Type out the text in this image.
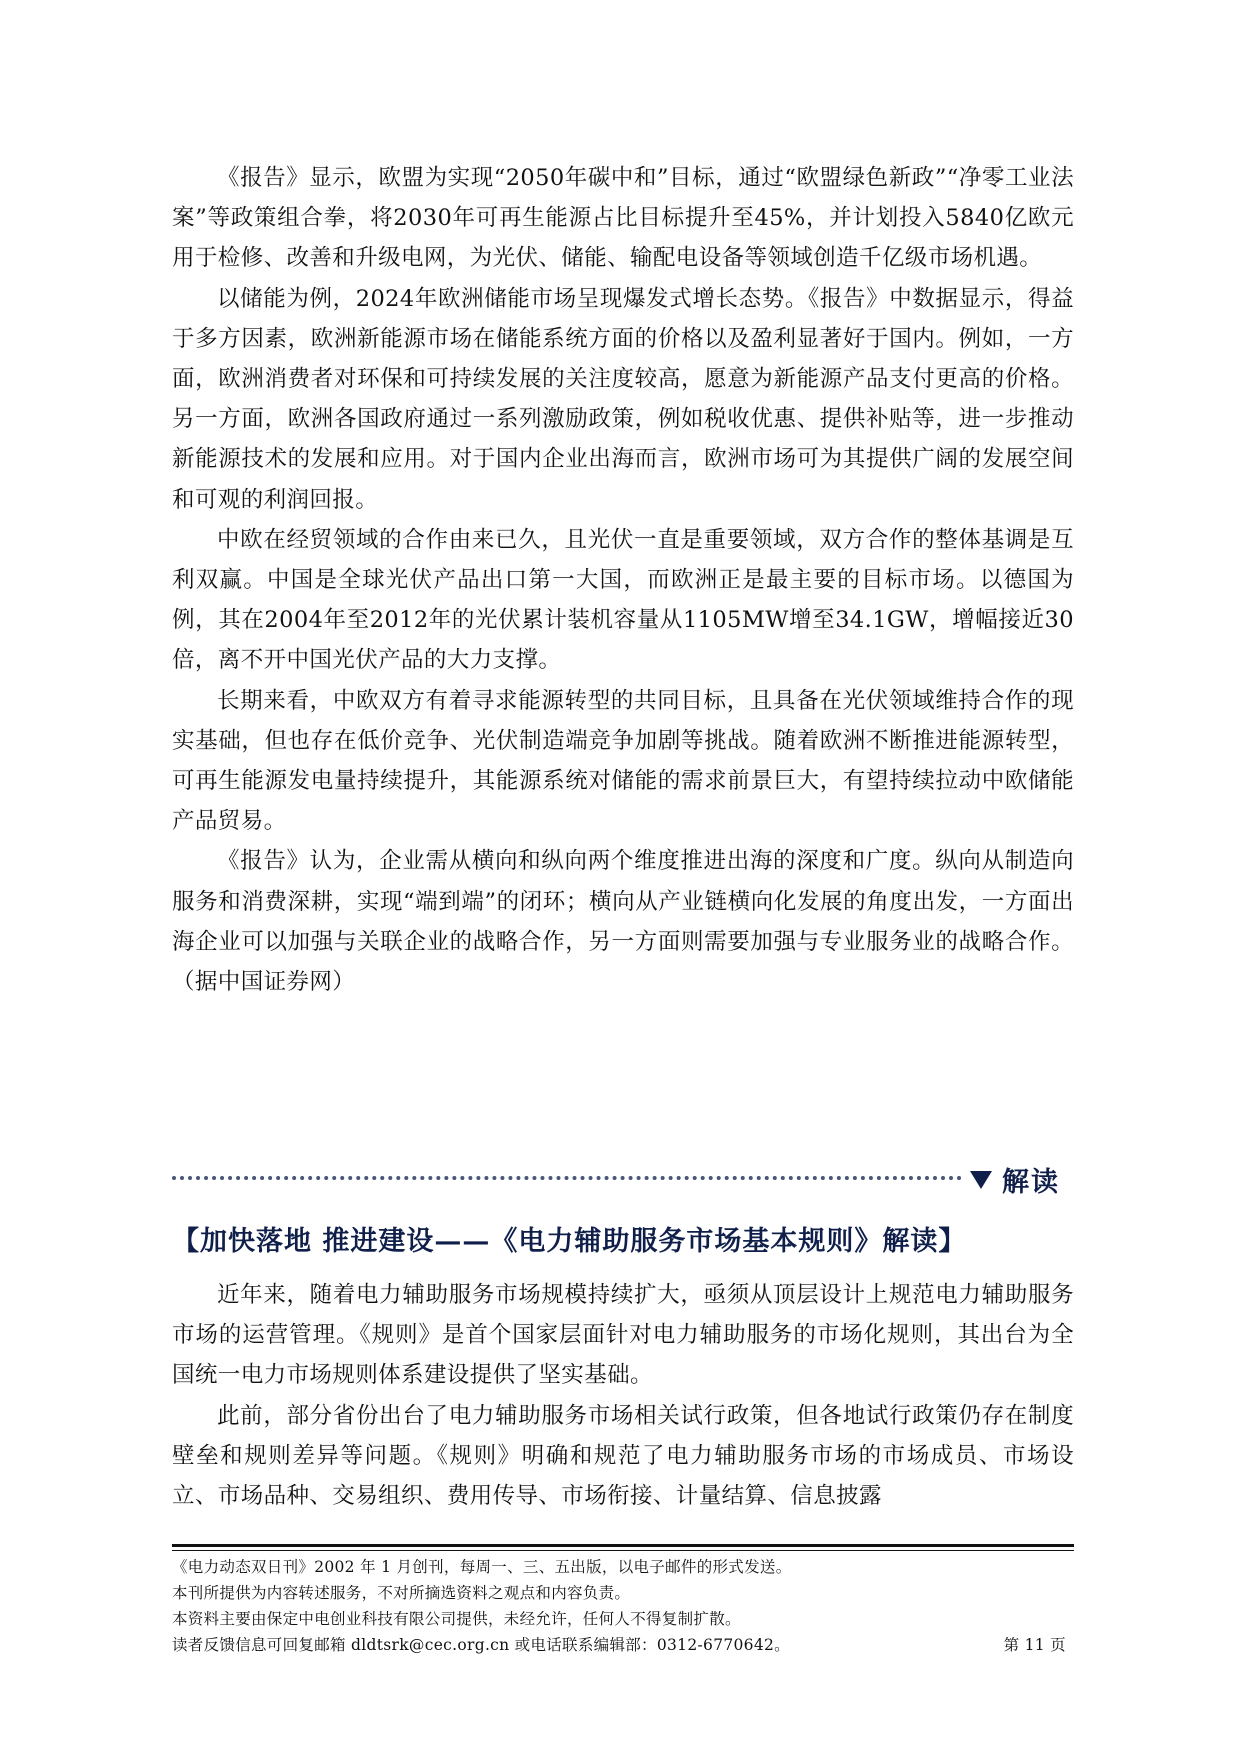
《报告》显示，欧盟为实现“2050年碳中和”目标，通过“欧盟绿色新政”“净零工业法案”等政策组合拳，将2030年可再生能源占比目标提升至45%，并计划投入5840亿欧元用于检修、改善和升级电网，为光伏、储能、输配电设备等领域创造千亿级市场机遇。

以储能为例，2024年欧洲储能市场呈现爆发式增长态势。《报告》中数据显示，得益于多方因素，欧洲新能源市场在储能系统方面的价格以及盈利显著好于国内。例如，一方面，欧洲消费者对环保和可持续发展的关注度较高，愿意为新能源产品支付更高的价格。另一方面，欧洲各国政府通过一系列激励政策，例如税收优惠、提供补贴等，进一步推动新能源技术的发展和应用。对于国内企业出海而言，欧洲市场可为其提供广阔的发展空间和可观的利润回报。

中欧在经贸领域的合作由来已久，且光伏一直是重要领域，双方合作的整体基调是互利双赢。中国是全球光伏产品出口第一大国，而欧洲正是最主要的目标市场。以德国为例，其在2004年至2012年的光伏累计装机容量从1105MW增至34.1GW，增幅接近30倍，离不开中国光伏产品的大力支撑。

长期来看，中欧双方有着寻求能源转型的共同目标，且具备在光伏领域维持合作的现实基础，但也存在低价竞争、光伏制造端竞争加剧等挑战。随着欧洲不断推进能源转型，可再生能源发电量持续提升，其能源系统对储能的需求前景巨大，有望持续拉动中欧储能产品贸易。

《报告》认为，企业需从横向和纵向两个维度推进出海的深度和广度。纵向从制造向服务和消费深耕，实现“端到端”的闭环；横向从产业链横向化发展的角度出发，一方面出海企业可以加强与关联企业的战略合作，另一方面则需要加强与专业服务业的战略合作。（据中国证券网）

解读
【加快落地 推进建设——《电力辅助服务市场基本规则》解读】

近年来，随着电力辅助服务市场规模持续扩大，亟须从顶层设计上规范电力辅助服务市场的运营管理。《规则》是首个国家层面针对电力辅助服务的市场化规则，其出台为全国统一电力市场规则体系建设提供了坚实基础。

此前，部分省份出台了电力辅助服务市场相关试行政策，但各地试行政策仍存在制度壁垒和规则差异等问题。《规则》明确和规范了电力辅助服务市场的市场成员、市场设立、市场品种、交易组织、费用传导、市场衔接、计量结算、信息披露

《电力动态双日刊》2002 年 1 月创刊，每周一、三、五出版，以电子邮件的形式发送。
本刊所提供为内容转述服务，不对所摘选资料之观点和内容负责。
本资料主要由保定中电创业科技有限公司提供，未经允许，任何人不得复制扩散。
读者反馈信息可回复邮箱 dldtsrk@cec.org.cn 或电话联系编辑部：0312-6770642。	第 11 页
